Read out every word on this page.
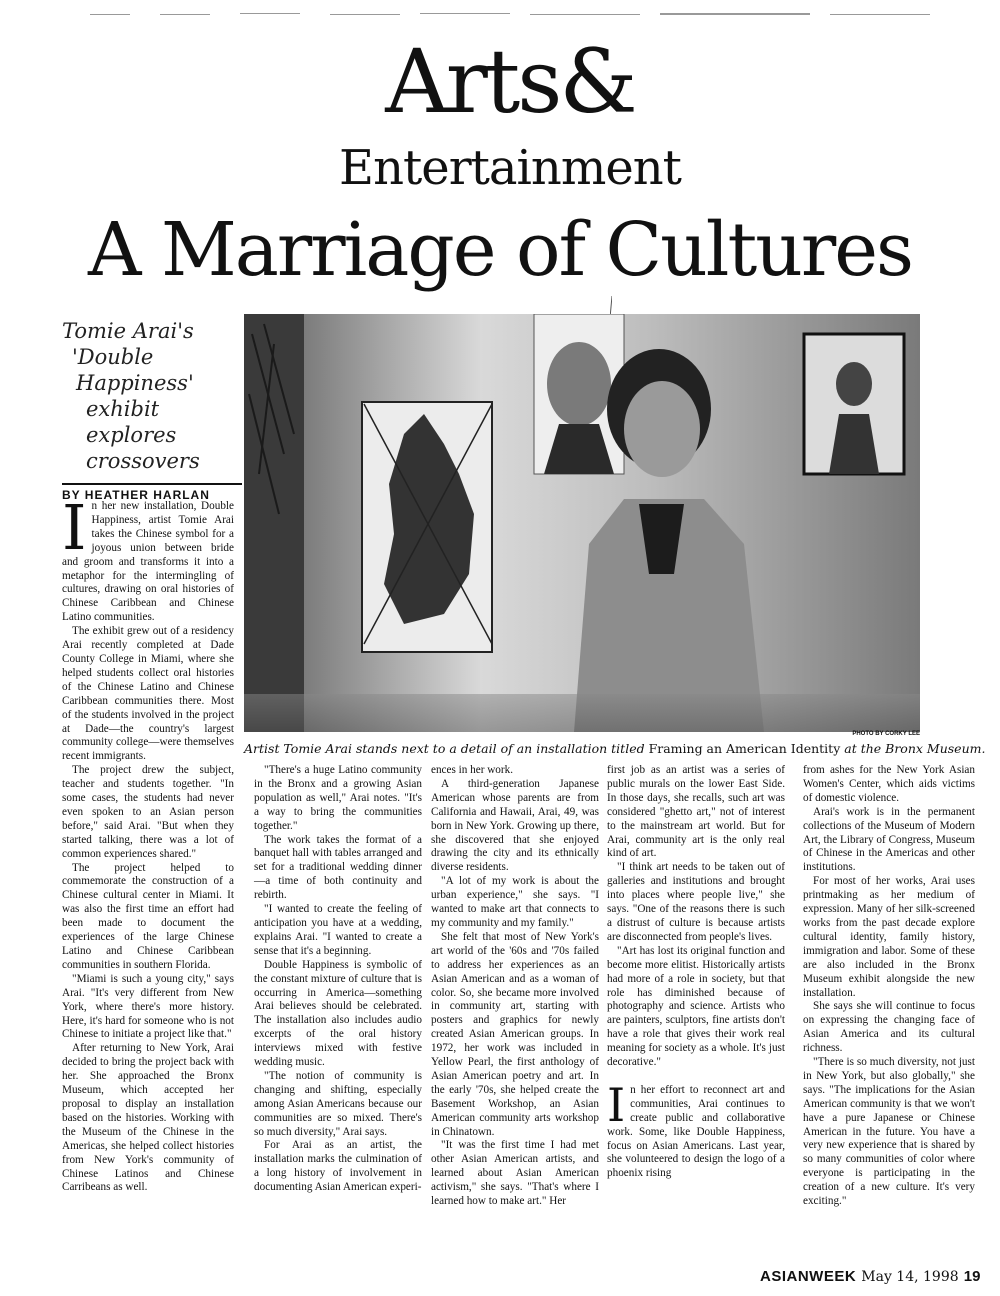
Arts&
Entertainment
A Marriage of Cultures
Tomie Arai's
'Double
Happiness'
exhibit
explores
crossovers
BY HEATHER HARLAN
PHOTO BY CORKY LEE
Artist Tomie Arai stands next to a detail of an installation titled Framing an American Identity at the Bronx Museum.

In her new installation, Double Happiness, artist Tomie Arai takes the Chinese symbol for a joyous union between bride and groom and transforms it into a metaphor for the intermingling of cultures, drawing on oral histories of Chinese Caribbean and Chinese Latino communities.

The exhibit grew out of a residency Arai recently completed at Dade County College in Miami, where she helped students collect oral histories of the Chinese Latino and Chinese Caribbean communities there. Most of the students involved in the project at Dade—the country's largest community college—were themselves recent immigrants.

The project drew the subject, teacher and students together. "In some cases, the students had never even spoken to an Asian person before," said Arai. "But when they started talking, there was a lot of common experiences shared."

The project helped to commemorate the construction of a Chinese cultural center in Miami. It was also the first time an effort had been made to document the experiences of the large Chinese Latino and Chinese Caribbean communities in southern Florida.

"Miami is such a young city," says Arai. "It's very different from New York, where there's more history. Here, it's hard for someone who is not Chinese to initiate a project like that."

After returning to New York, Arai decided to bring the project back with her. She approached the Bronx Museum, which accepted her proposal to display an installation based on the histories. Working with the Museum of the Chinese in the Americas, she helped collect histories from New York's community of Chinese Latinos and Chinese Carribeans as well.

"There's a huge Latino community in the Bronx and a growing Asian population as well," Arai notes. "It's a way to bring the communities together."

The work takes the format of a banquet hall with tables arranged and set for a traditional wedding dinner—a time of both continuity and rebirth.

"I wanted to create the feeling of anticipation you have at a wedding, explains Arai. "I wanted to create a sense that it's a beginning.

Double Happiness is symbolic of the constant mixture of culture that is occurring in America—something Arai believes should be celebrated. The installation also includes audio excerpts of the oral history interviews mixed with festive wedding music.

"The notion of community is changing and shifting, especially among Asian Americans because our communities are so mixed. There's so much diversity," Arai says.

For Arai as an artist, the installation marks the culmination of a long history of involvement in documenting Asian American experi-

ences in her work.

A third-generation Japanese American whose parents are from California and Hawaii, Arai, 49, was born in New York. Growing up there, she discovered that she enjoyed drawing the city and its ethnically diverse residents.

"A lot of my work is about the urban experience," she says. "I wanted to make art that connects to my community and my family."

She felt that most of New York's art world of the '60s and '70s failed to address her experiences as an Asian American and as a woman of color. So, she became more involved in community art, starting with posters and graphics for newly created Asian American groups. In 1972, her work was included in Yellow Pearl, the first anthology of Asian American poetry and art. In the early '70s, she helped create the Basement Workshop, an Asian American community arts workshop in Chinatown.

"It was the first time I had met other Asian American artists, and learned about Asian American activism," she says. "That's where I learned how to make art." Her

first job as an artist was a series of public murals on the lower East Side. In those days, she recalls, such art was considered "ghetto art," not of interest to the mainstream art world. But for Arai, community art is the only real kind of art.

"I think art needs to be taken out of galleries and institutions and brought into places where people live," she says. "One of the reasons there is such a distrust of culture is because artists are disconnected from people's lives.

"Art has lost its original function and become more elitist. Historically artists had more of a role in society, but that role has diminished because of photography and science. Artists who are painters, sculptors, fine artists don't have a role that gives their work real meaning for society as a whole. It's just decorative."

In her effort to reconnect art and communities, Arai continues to create public and collaborative work. Some, like Double Happiness, focus on Asian Americans. Last year, she volunteered to design the logo of a phoenix rising

from ashes for the New York Asian Women's Center, which aids victims of domestic violence.

Arai's work is in the permanent collections of the Museum of Modern Art, the Library of Congress, Museum of Chinese in the Americas and other institutions.

For most of her works, Arai uses printmaking as her medium of expression. Many of her silk-screened works from the past decade explore cultural identity, family history, immigration and labor. Some of these are also included in the Bronx Museum exhibit alongside the new installation.

She says she will continue to focus on expressing the changing face of Asian America and its cultural richness.

"There is so much diversity, not just in New York, but also globally," she says. "The implications for the Asian American community is that we won't have a pure Japanese or Chinese American in the future. You have a very new experience that is shared by so many communities of color where everyone is participating in the creation of a new culture. It's very exciting."

ASIANWEEK May 14, 1998 19
